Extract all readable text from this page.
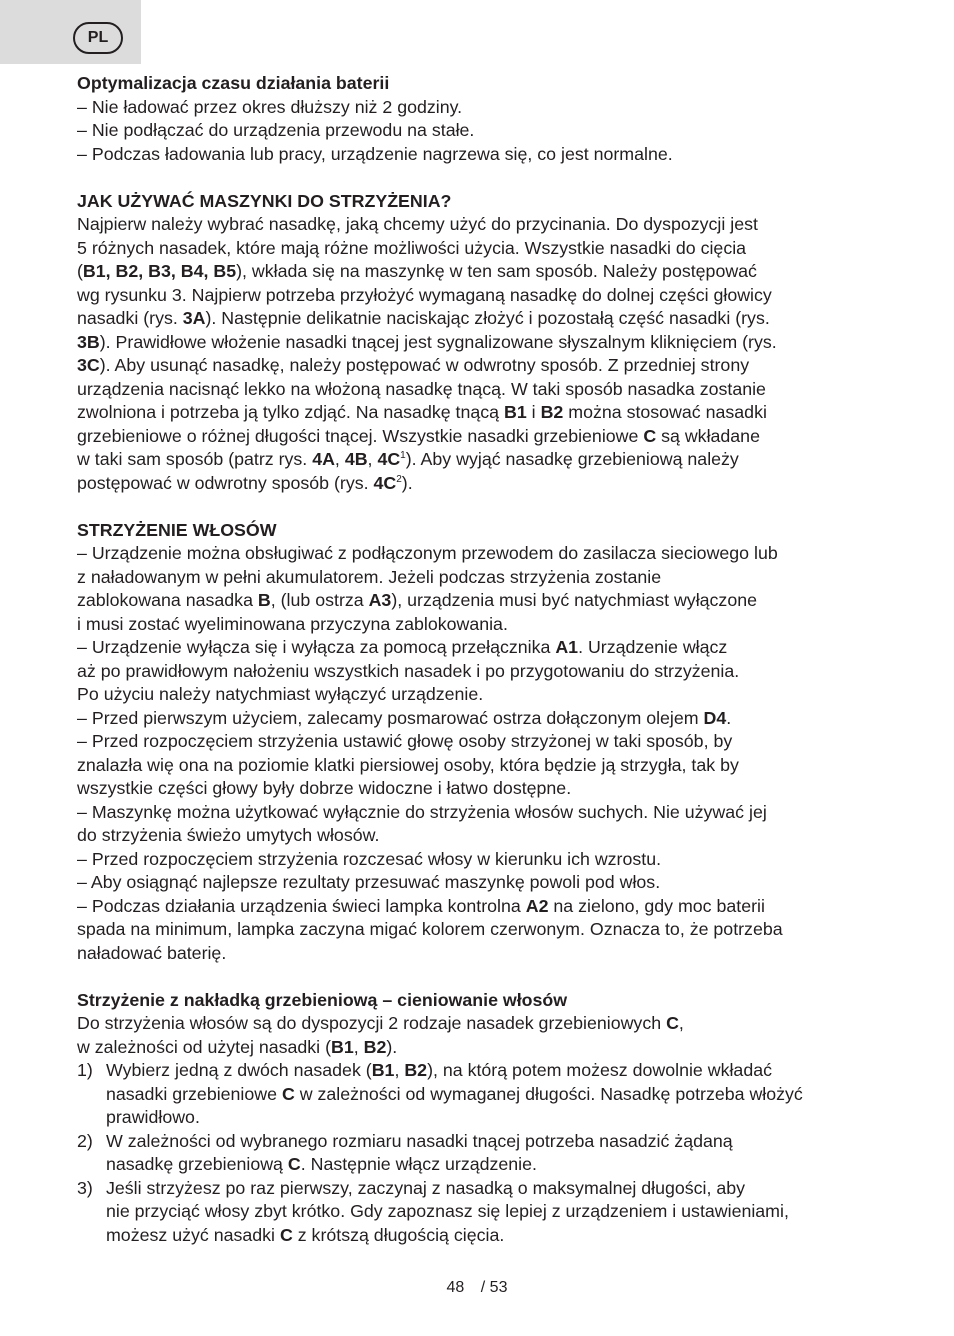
PL
Optymalizacja czasu działania baterii
– Nie ładować przez okres dłuższy niż 2 godziny.
– Nie podłączać do urządzenia przewodu na stałe.
– Podczas ładowania lub pracy, urządzenie nagrzewa się, co jest normalne.
JAK UŻYWAĆ MASZYNKI DO STRZYŻENIA?
Najpierw należy wybrać nasadkę, jaką chcemy użyć do przycinania. Do dyspozycji jest
5 różnych nasadek, które mają różne możliwości użycia. Wszystkie nasadki do cięcia
(B1, B2, B3, B4, B5), wkłada się na maszynkę w ten sam sposób. Należy postępować
wg rysunku 3. Najpierw potrzeba przyłożyć wymaganą nasadkę do dolnej części głowicy
nasadki (rys. 3A). Następnie delikatnie naciskając złożyć i pozostałą część nasadki (rys.
3B). Prawidłowe włożenie nasadki tnącej jest sygnalizowane słyszalnym kliknięciem (rys.
3C). Aby usunąć nasadkę, należy postępować w odwrotny sposób. Z przedniej strony
urządzenia nacisnąć lekko na włożoną nasadkę tnącą. W taki sposób nasadka zostanie
zwolniona i potrzeba ją tylko zdjąć. Na nasadkę tnącą B1 i B2 można stosować nasadki
grzebieniowe o różnej długości tnącej. Wszystkie nasadki grzebieniowe C są wkładane
w taki sam sposób (patrz rys. 4A, 4B, $4C^1$). Aby wyjąć nasadkę grzebieniową należy
postępować w odwrotny sposób (rys. $4C^2$).
STRZYŻENIE WŁOSÓW
– Urządzenie można obsługiwać z podłączonym przewodem do zasilacza sieciowego lub
z naładowanym w pełni akumulatorem. Jeżeli podczas strzyżenia zostanie
zablokowana nasadka B, (lub ostrza A3), urządzenia musi być natychmiast wyłączone
i musi zostać wyeliminowana przyczyna zablokowania.
– Urządzenie wyłącza się i wyłącza za pomocą przełącznika A1. Urządzenie włącz
aż po prawidłowym nałożeniu wszystkich nasadek i po przygotowaniu do strzyżenia.
Po użyciu należy natychmiast wyłączyć urządzenie.
– Przed pierwszym użyciem, zalecamy posmarować ostrza dołączonym olejem D4.
– Przed rozpoczęciem strzyżenia ustawić głowę osoby strzyżonej w taki sposób, by
znalazła wię ona na poziomie klatki piersiowej osoby, która będzie ją strzygła, tak by
wszystkie części głowy były dobrze widoczne i łatwo dostępne.
– Maszynkę można użytkować wyłącznie do strzyżenia włosów suchych. Nie używać jej
do strzyżenia świeżo umytych włosów.
– Przed rozpoczęciem strzyżenia rozczesać włosy w kierunku ich wzrostu.
– Aby osiągnąć najlepsze rezultaty przesuwać maszynkę powoli pod włos.
– Podczas działania urządzenia świeci lampka kontrolna A2 na zielono, gdy moc baterii
spada na minimum, lampka zaczyna migać kolorem czerwonym. Oznacza to, że potrzeba
naładować baterię.
Strzyżenie z nakładką grzebieniową – cieniowanie włosów
Do strzyżenia włosów są do dyspozycji 2 rodzaje nasadek grzebieniowych C,
w zależności od użytej nasadki (B1, B2).
1) Wybierz jedną z dwóch nasadek (B1, B2), na którą potem możesz dowolnie wkładać
nasadki grzebieniowe C w zależności od wymaganej długości. Nasadkę potrzeba włożyć
prawidłowo.
2) W zależności od wybranego rozmiaru nasadki tnącej potrzeba nasadzić żądaną
nasadkę grzebieniową C. Następnie włącz urządzenie.
3) Jeśli strzyżesz po raz pierwszy, zaczynaj z nasadką o maksymalnej długości, aby
nie przyciąć włosy zbyt krótko. Gdy zapoznasz się lepiej z urządzeniem i ustawieniami,
możesz użyć nasadki C z krótszą długością cięcia.
48 / 53
